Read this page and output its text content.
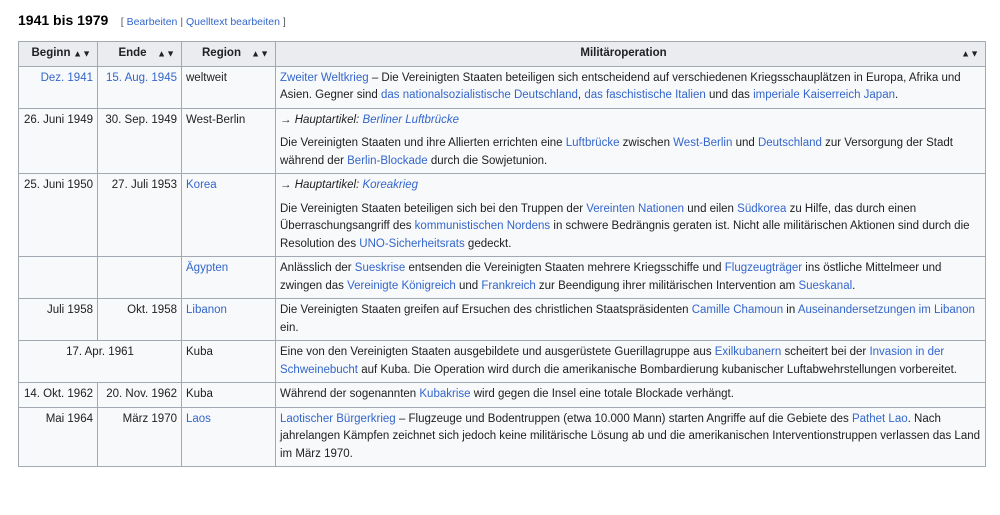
1941 bis 1979 [ Bearbeiten | Quelltext bearbeiten ]
Beginn ▲▼	Ende ▲▼	Region ▲▼	Militäroperation ▲▼

Dez. 1941	15. Aug. 1945	weltweit	Zweiter Weltkrieg – Die Vereinigten Staaten beteiligen sich entscheidend auf verschiedenen Kriegsschauplätzen in Europa, Afrika und Asien. Gegner sind das nationalsozialistische Deutschland, das faschistische Italien und das imperiale Kaiserreich Japan.
26. Juni 1949	30. Sep. 1949	West-Berlin	→ Hauptartikel: Berliner Luftbrücke

Die Vereinigten Staaten und ihre Allierten errichten eine Luftbrücke zwischen West-Berlin und Deutschland zur Versorgung der Stadt während der Berlin-Blockade durch die Sowjetunion.

25. Juni 1950	27. Juli 1953	Korea	→ Hauptartikel: Koreakrieg

Die Vereinigten Staaten beteiligen sich bei den Truppen der Vereinten Nationen und eilen Südkorea zu Hilfe, das durch einen Überraschungsangriff des kommunistischen Nordens in schwere Bedrängnis geraten ist. Nicht alle militärischen Aktionen sind durch die Resolution des UNO-Sicherheitsrats gedeckt.

		Ägypten	Anlässlich der Sueskrise entsenden die Vereinigten Staaten mehrere Kriegsschiffe und Flugzeugträger ins östliche Mittelmeer und zwingen das Vereinigte Königreich und Frankreich zur Beendigung ihrer militärischen Intervention am Sueskanal.
Juli 1958	Okt. 1958	Libanon	Die Vereinigten Staaten greifen auf Ersuchen des christlichen Staatspräsidenten Camille Chamoun in Auseinandersetzungen im Libanon ein.
17. Apr. 1961		Kuba	Eine von den Vereinigten Staaten ausgebildete und ausgerüstete Guerillagruppe aus Exilkubanern scheitert bei der Invasion in der Schweinebucht auf Kuba. Die Operation wird durch die amerikanische Bombardierung kubanischer Luftabwehrstellungen vorbereitet.
14. Okt. 1962	20. Nov. 1962	Kuba	Während der sogenannten Kubakrise wird gegen die Insel eine totale Blockade verhängt.
Mai 1964	März 1970	Laos	Laotischer Bürgerkrieg – Flugzeuge und Bodentruppen (etwa 10.000 Mann) starten Angriffe auf die Gebiete des Pathet Lao. Nach jahrelangen Kämpfen zeichnet sich jedoch keine militärische Lösung ab und die amerikanischen Interventionstruppen verlassen das Land im März 1970.
